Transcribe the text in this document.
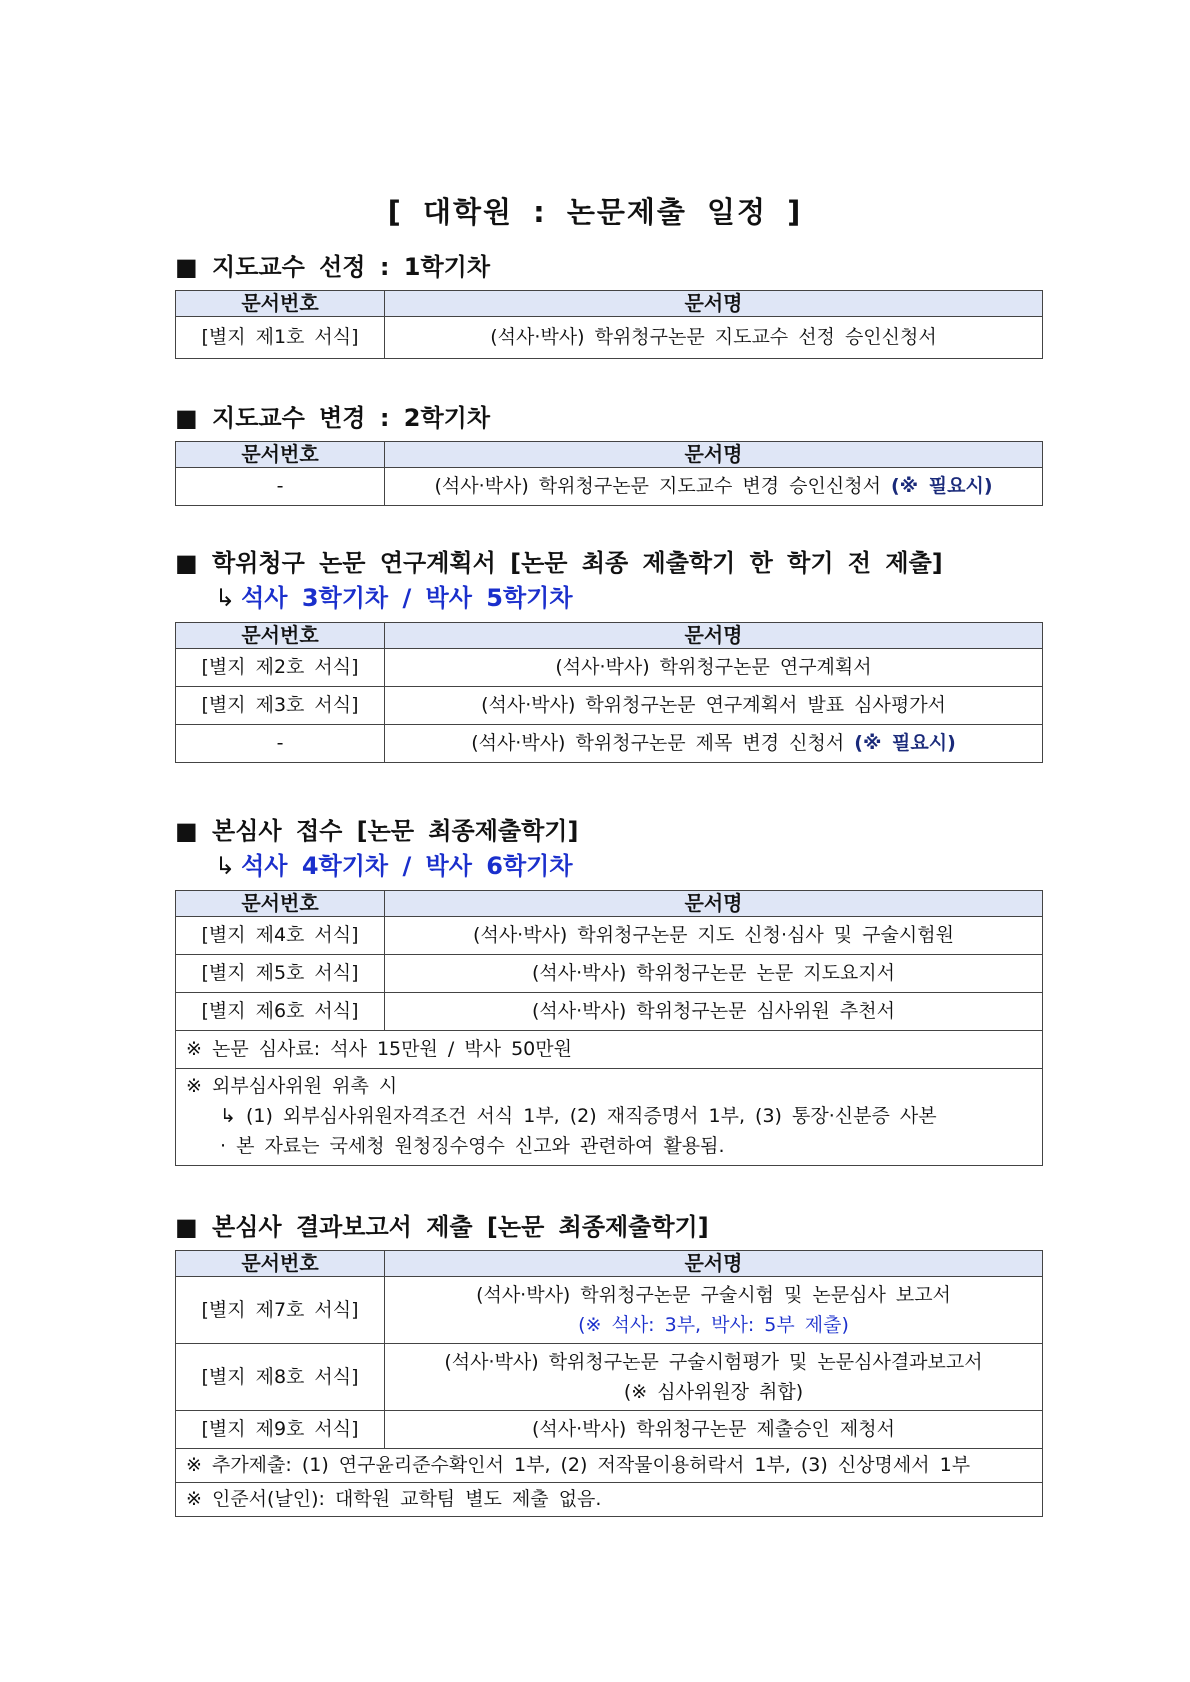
[ 대학원 : 논문제출 일정 ]
■ 지도교수 선정 : 1학기차
문서번호	문서명
[별지 제1호 서식]	(석사·박사) 학위청구논문 지도교수 선정 승인신청서
■ 지도교수 변경 : 2학기차
문서번호	문서명
-	(석사·박사) 학위청구논문 지도교수 변경 승인신청서 (※ 필요시)
■ 학위청구 논문 연구계획서 [논문 최종 제출학기 한 학기 전 제출]
↳ 석사 3학기차 / 박사 5학기차
문서번호	문서명
[별지 제2호 서식]	(석사·박사) 학위청구논문 연구계획서
[별지 제3호 서식]	(석사·박사) 학위청구논문 연구계획서 발표 심사평가서
-	(석사·박사) 학위청구논문 제목 변경 신청서 (※ 필요시)
■ 본심사 접수 [논문 최종제출학기]
↳ 석사 4학기차 / 박사 6학기차
문서번호	문서명
[별지 제4호 서식]	(석사·박사) 학위청구논문 지도 신청·심사 및 구술시험원
[별지 제5호 서식]	(석사·박사) 학위청구논문 논문 지도요지서
[별지 제6호 서식]	(석사·박사) 학위청구논문 심사위원 추천서
※ 논문 심사료: 석사 15만원 / 박사 50만원	

※ 외부심사위원 위촉 시
↳ (1) 외부심사위원자격조건 서식 1부, (2) 재직증명서 1부, (3) 통장·신분증 사본
· 본 자료는 국세청 원청징수영수 신고와 관련하여 활용됨.	
■ 본심사 결과보고서 제출 [논문 최종제출학기]
문서번호	문서명
[별지 제7호 서식]	(석사·박사) 학위청구논문 구술시험 및 논문심사 보고서
(※ 석사: 3부, 박사: 5부 제출)

[별지 제8호 서식]	(석사·박사) 학위청구논문 구술시험평가 및 논문심사결과보고서
(※ 심사위원장 취합)

[별지 제9호 서식]	(석사·박사) 학위청구논문 제출승인 제청서
※ 추가제출: (1) 연구윤리준수확인서 1부, (2) 저작물이용허락서 1부, (3) 신상명세서 1부	
※ 인준서(날인): 대학원 교학팀 별도 제출 없음.	
